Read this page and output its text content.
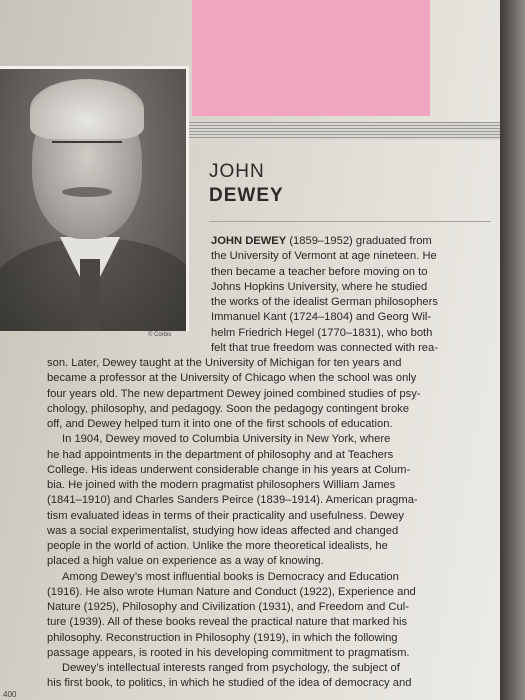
© Corbis
JOHN
DEWEY
JOHN DEWEY (1859–1952) graduated from
the University of Vermont at age nineteen. He
then became a teacher before moving on to
Johns Hopkins University, where he studied
the works of the idealist German philosophers
Immanuel Kant (1724–1804) and Georg Wil-
helm Friedrich Hegel (1770–1831), who both
felt that true freedom was connected with rea-
son. Later, Dewey taught at the University of Michigan for ten years and
became a professor at the University of Chicago when the school was only
four years old. The new department Dewey joined combined studies of psy-
chology, philosophy, and pedagogy. Soon the pedagogy contingent broke
off, and Dewey helped turn it into one of the first schools of education.
In 1904, Dewey moved to Columbia University in New York, where
he had appointments in the department of philosophy and at Teachers
College. His ideas underwent considerable change in his years at Colum-
bia. He joined with the modern pragmatist philosophers William James
(1841–1910) and Charles Sanders Peirce (1839–1914). American pragma-
tism evaluated ideas in terms of their practicality and usefulness. Dewey
was a social experimentalist, studying how ideas affected and changed
people in the world of action. Unlike the more theoretical idealists, he
placed a high value on experience as a way of knowing.
Among Dewey’s most influential books is Democracy and Education
(1916). He also wrote Human Nature and Conduct (1922), Experience and
Nature (1925), Philosophy and Civilization (1931), and Freedom and Cul-
ture (1939). All of these books reveal the practical nature that marked his
philosophy. Reconstruction in Philosophy (1919), in which the following
passage appears, is rooted in his developing commitment to pragmatism.
Dewey’s intellectual interests ranged from psychology, the subject of
his first book, to politics, in which he studied of the idea of democracy and
400
